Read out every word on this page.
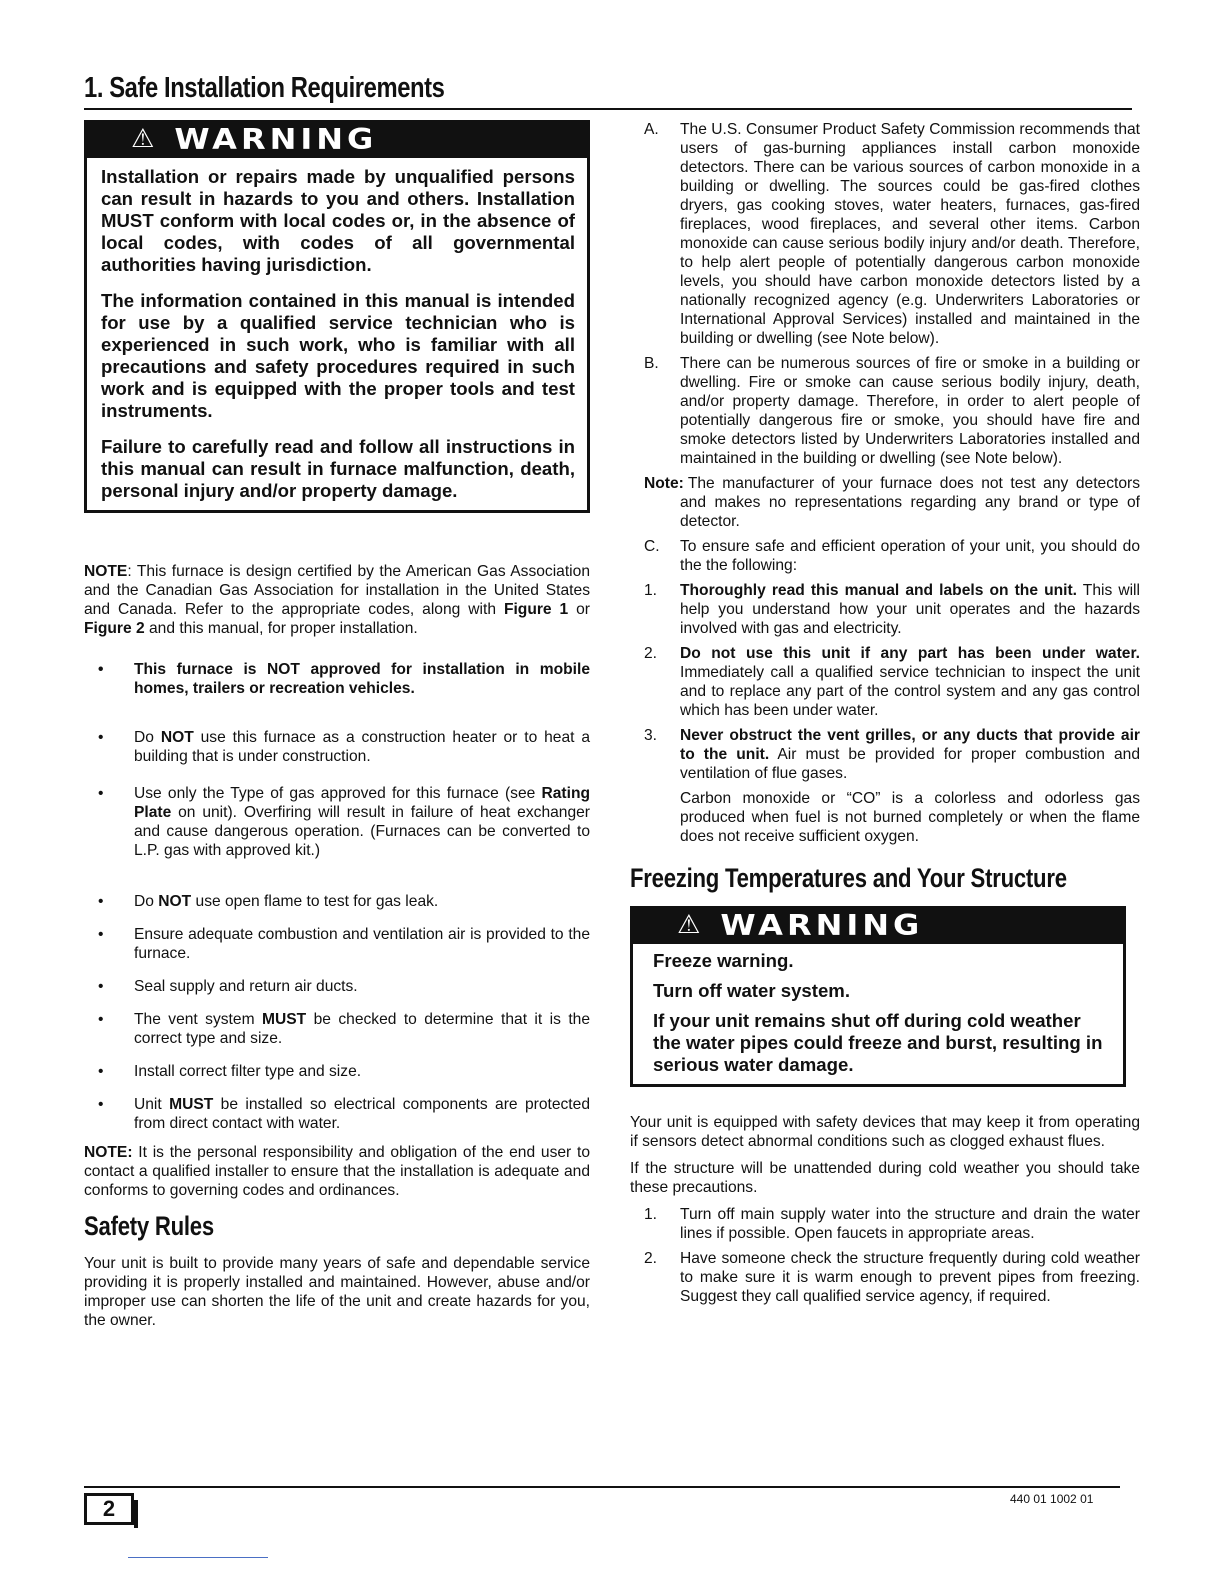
1. Safe Installation Requirements
⚠ WARNING

Installation or repairs made by unqualified persons can result in hazards to you and others. Installation MUST conform with local codes or, in the absence of local codes, with codes of all governmental authorities having jurisdiction.

The information contained in this manual is intended for use by a qualified service technician who is experienced in such work, who is familiar with all precautions and safety procedures required in such work and is equipped with the proper tools and test instruments.

Failure to carefully read and follow all instructions in this manual can result in furnace malfunction, death, personal injury and/or property damage.

NOTE: This furnace is design certified by the American Gas Association and the Canadian Gas Association for installation in the United States and Canada. Refer to the appropriate codes, along with Figure 1 or Figure 2 and this manual, for proper installation.

• This furnace is NOT approved for installation in mobile homes, trailers or recreation vehicles.
• Do NOT use this furnace as a construction heater or to heat a building that is under construction.
• Use only the Type of gas approved for this furnace (see Rating Plate on unit). Overfiring will result in failure of heat exchanger and cause dangerous operation. (Furnaces can be converted to L.P. gas with approved kit.)
• Do NOT use open flame to test for gas leak.
• Ensure adequate combustion and ventilation air is provided to the furnace.
• Seal supply and return air ducts.
• The vent system MUST be checked to determine that it is the correct type and size.
• Install correct filter type and size.
• Unit MUST be installed so electrical components are protected from direct contact with water.

NOTE: It is the personal responsibility and obligation of the end user to contact a qualified installer to ensure that the installation is adequate and conforms to governing codes and ordinances.

Safety Rules

Your unit is built to provide many years of safe and dependable service providing it is properly installed and maintained. However, abuse and/or improper use can shorten the life of the unit and create hazards for you, the owner.

A. The U.S. Consumer Product Safety Commission recommends that users of gas-burning appliances install carbon monoxide detectors. There can be various sources of carbon monoxide in a building or dwelling. The sources could be gas-fired clothes dryers, gas cooking stoves, water heaters, furnaces, gas-fired fireplaces, wood fireplaces, and several other items. Carbon monoxide can cause serious bodily injury and/or death. Therefore, to help alert people of potentially dangerous carbon monoxide levels, you should have carbon monoxide detectors listed by a nationally recognized agency (e.g. Underwriters Laboratories or International Approval Services) installed and maintained in the building or dwelling (see Note below).
B. There can be numerous sources of fire or smoke in a building or dwelling. Fire or smoke can cause serious bodily injury, death, and/or property damage. Therefore, in order to alert people of potentially dangerous fire or smoke, you should have fire and smoke detectors listed by Underwriters Laboratories installed and maintained in the building or dwelling (see Note below).
Note: The manufacturer of your furnace does not test any detectors and makes no representations regarding any brand or type of detector.
C. To ensure safe and efficient operation of your unit, you should do the the following:
1. Thoroughly read this manual and labels on the unit. This will help you understand how your unit operates and the hazards involved with gas and electricity.
2. Do not use this unit if any part has been under water. Immediately call a qualified service technician to inspect the unit and to replace any part of the control system and any gas control which has been under water.
3. Never obstruct the vent grilles, or any ducts that provide air to the unit. Air must be provided for proper combustion and ventilation of flue gases.

Carbon monoxide or “CO” is a colorless and odorless gas produced when fuel is not burned completely or when the flame does not receive sufficient oxygen.

Freezing Temperatures and Your Structure
⚠ WARNING

Freeze warning.

Turn off water system.

If your unit remains shut off during cold weather the water pipes could freeze and burst, resulting in serious water damage.

Your unit is equipped with safety devices that may keep it from operating if sensors detect abnormal conditions such as clogged exhaust flues.

If the structure will be unattended during cold weather you should take these precautions.

1. Turn off main supply water into the structure and drain the water lines if possible. Open faucets in appropriate areas.
2. Have someone check the structure frequently during cold weather to make sure it is warm enough to prevent pipes from freezing. Suggest they call qualified service agency, if required.
2	440 01 1002 01
